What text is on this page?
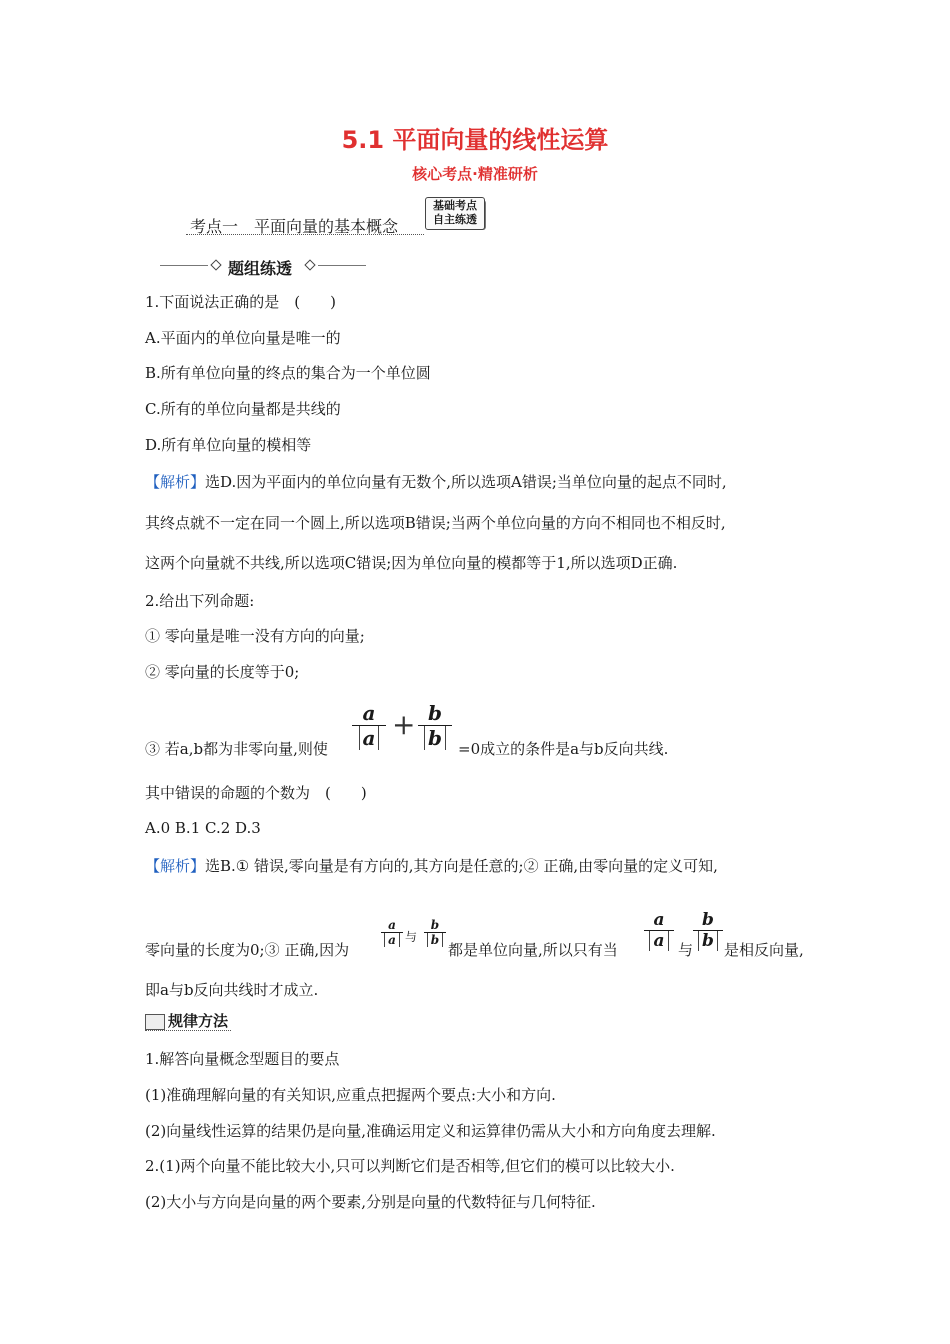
5.1 平面向量的线性运算
核心考点·精准研析
考点一　平面向量的基本概念
基础考点
自主练透
题组练透
1.下面说法正确的是　(　　)
A.平面内的单位向量是唯一的
B.所有单位向量的终点的集合为一个单位圆
C.所有的单位向量都是共线的
D.所有单位向量的模相等
【解析】选D.因为平面内的单位向量有无数个,所以选项A错误;当单位向量的起点不同时,
其终点就不一定在同一个圆上,所以选项B错误;当两个单位向量的方向不相同也不相反时,
这两个向量就不共线,所以选项C错误;因为单位向量的模都等于1,所以选项D正确.
2.给出下列命题:
① 零向量是唯一没有方向的向量;
② 零向量的长度等于0;
③ 若a,b都为非零向量,则使
a
a + b
b	=0成立的条件是a与b反向共线.
其中错误的命题的个数为　(　　)
A.0 B.1 C.2 D.3
【解析】选B.① 错误,零向量是有方向的,其方向是任意的;② 正确,由零向量的定义可知,
零向量的长度为0;③ 正确,因为
a
a 与
b
b
都是单位向量,所以只有当
a
a 与
b
b 是相反向量,
即a与b反向共线时才成立.
规律方法
1.解答向量概念型题目的要点
(1)准确理解向量的有关知识,应重点把握两个要点:大小和方向.
(2)向量线性运算的结果仍是向量,准确运用定义和运算律仍需从大小和方向角度去理解.
2.(1)两个向量不能比较大小,只可以判断它们是否相等,但它们的模可以比较大小.
(2)大小与方向是向量的两个要素,分别是向量的代数特征与几何特征.
